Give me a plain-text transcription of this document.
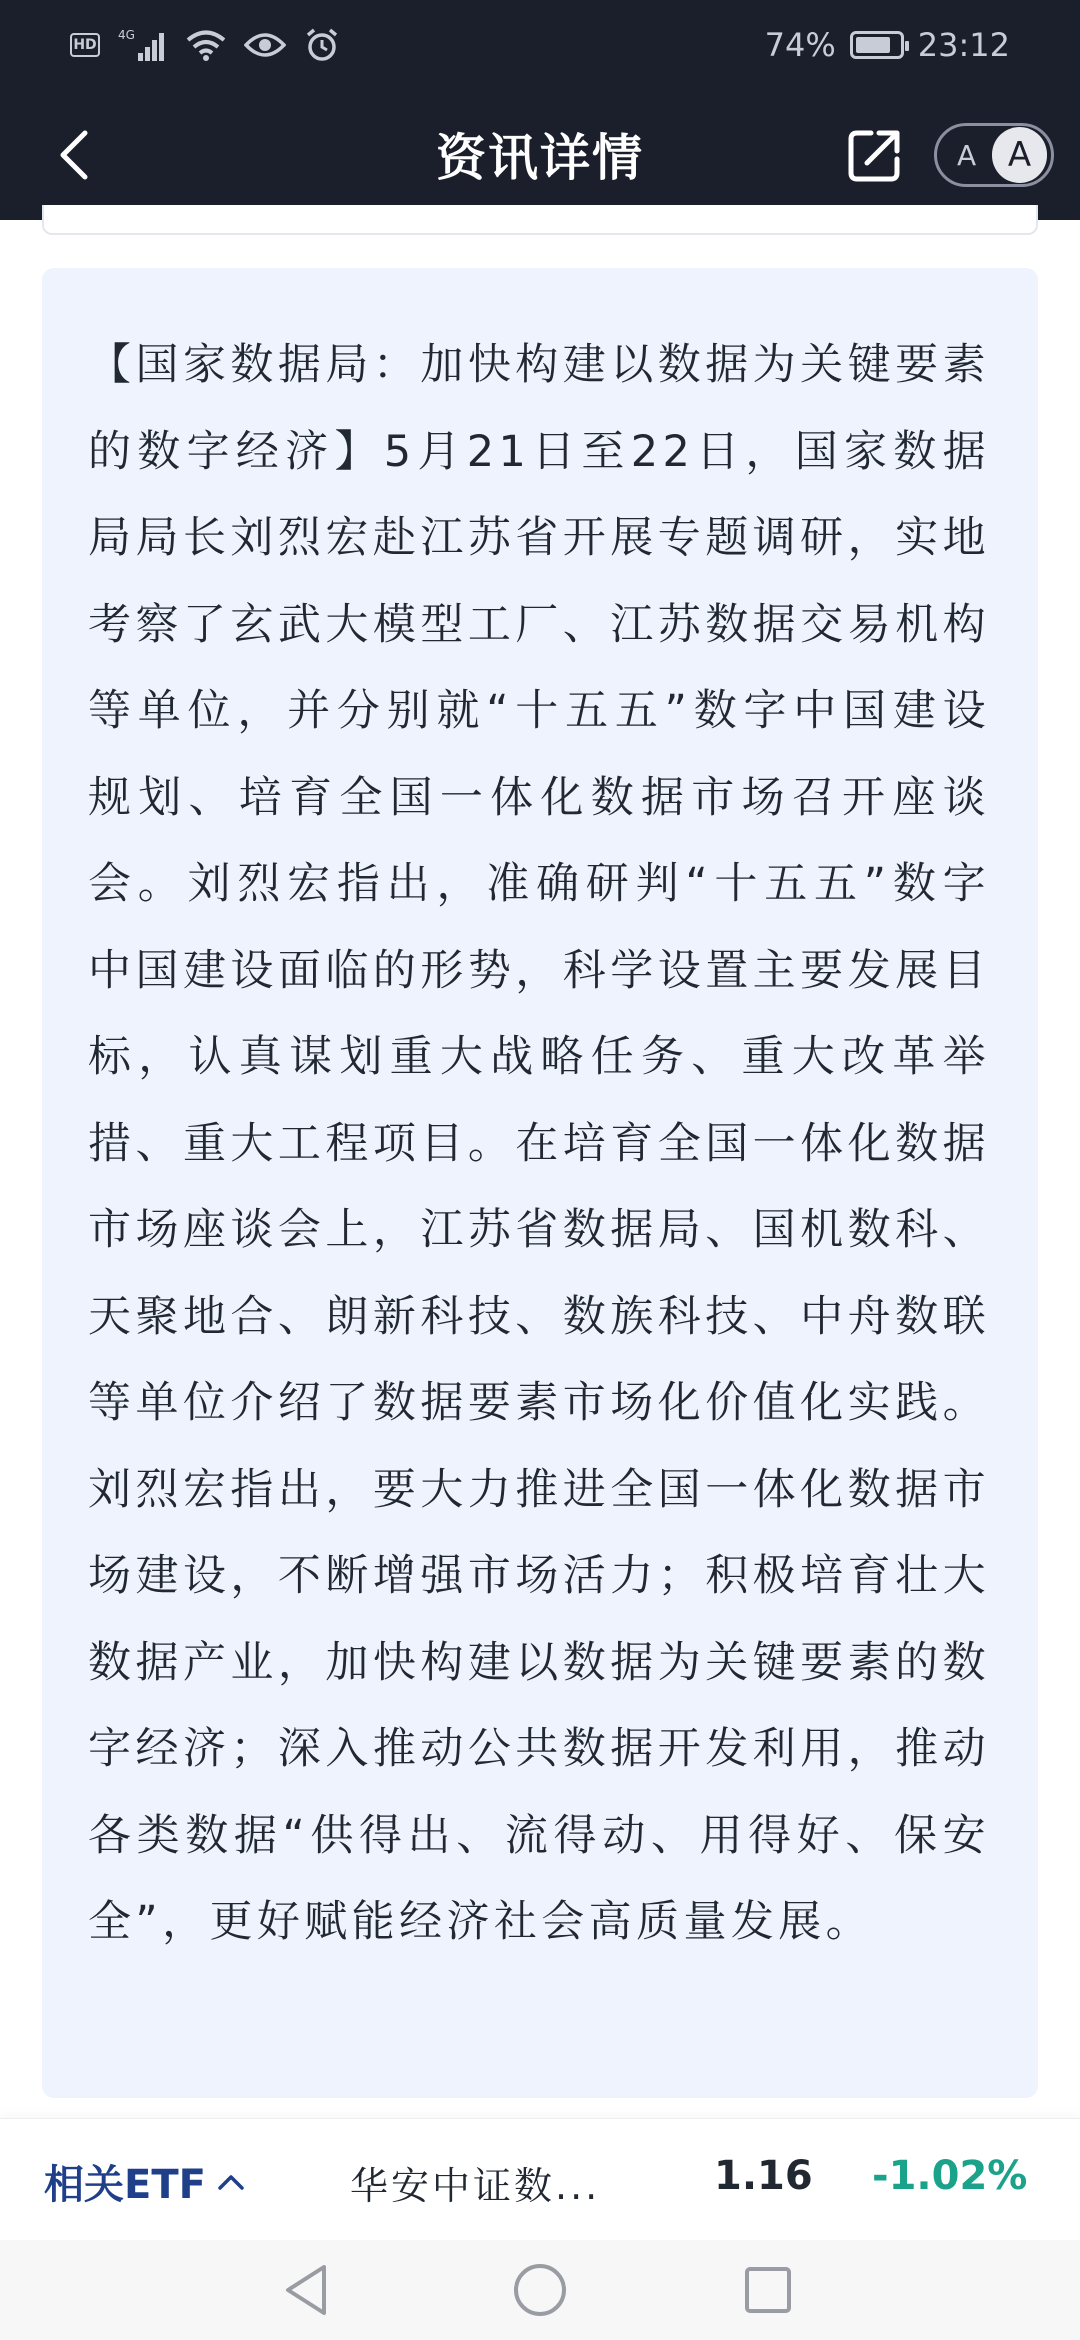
HD
4G	74%	23:12
资讯详情	A A

【国家数据局：加快构建以数据为关键要素的数字经济】5月21日至22日，国家数据局局长刘烈宏赴江苏省开展专题调研，实地考察了玄武大模型工厂、江苏数据交易机构等单位，并分别就“十五五”数字中国建设规划、培育全国一体化数据市场召开座谈会。刘烈宏指出，准确研判“十五五”数字中国建设面临的形势，科学设置主要发展目标，认真谋划重大战略任务、重大改革举措、重大工程项目。在培育全国一体化数据市场座谈会上，江苏省数据局、国机数科、天聚地合、朗新科技、数族科技、中舟数联等单位介绍了数据要素市场化价值化实践。刘烈宏指出，要大力推进全国一体化数据市场建设，不断增强市场活力；积极培育壮大数据产业，加快构建以数据为关键要素的数字经济；深入推动公共数据开发利用，推动各类数据“供得出、流得动、用得好、保安全”，更好赋能经济社会高质量发展。

相关ETF	华安中证数...	1.16 -1.02%
